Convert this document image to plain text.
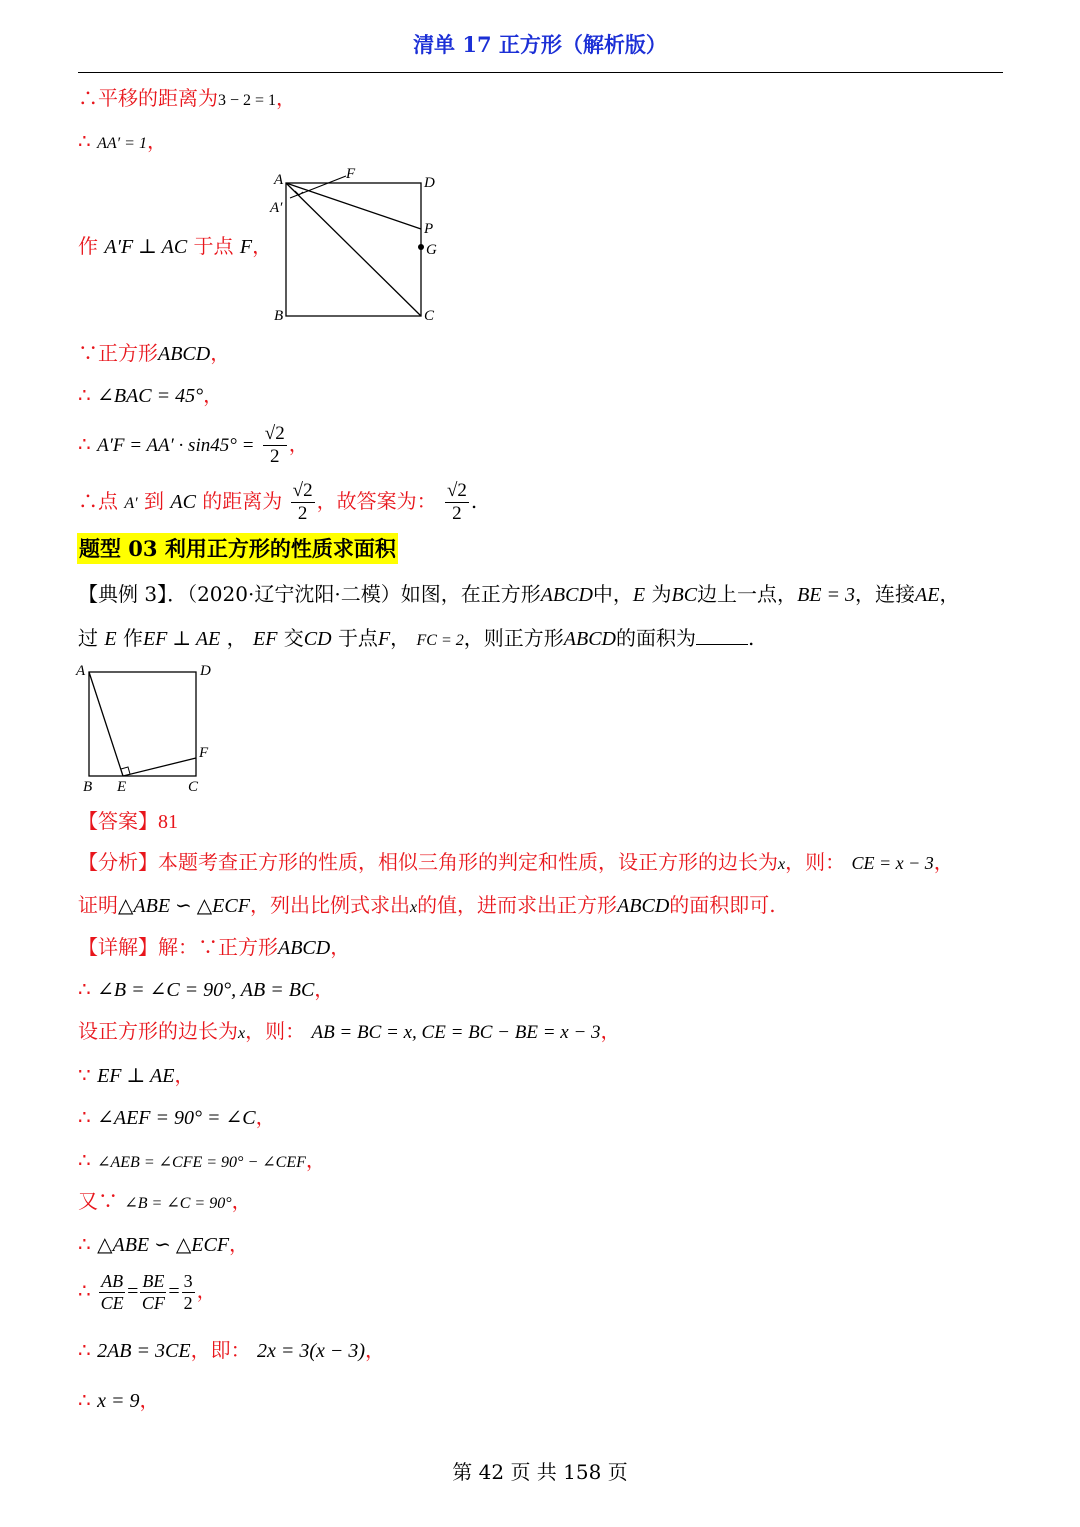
清单 17 正方形（解析版）
∴平移的距离为3 − 2 = 1，
∴ AA′ = 1，
作 A′F ⊥ AC 于点 F，
A	F
D
A′
P
G
B	C
∵正方形ABCD，
∴ ∠BAC = 45°，
∴ $A'F = AA' \cdot \sin 45^\circ = \frac{√2}{2}$ ，
∴点 A′ 到 AC 的距离为 $\frac{√2}{2}$ ，故答案为： $\frac{√2}{2}$ .
题型 03 利用正方形的性质求面积
【典例 3】．（2020·辽宁沈阳·二模）如图，在正方形ABCD中，E 为BC边上一点，BE = 3，连接AE，
过 E 作EF ⊥ AE ， EF 交CD 于点F， FC = 2，则正方形ABCD的面积为	.
A	D
F
B E	C
【答案】81
【分析】本题考查正方形的性质，相似三角形的判定和性质，设正方形的边长为x，则： CE = x − 3，
证明△ABE ∽ △ECF，列出比例式求出x的值，进而求出正方形ABCD的面积即可.
【详解】解：∵正方形ABCD，
∴ ∠B = ∠C = 90°, AB = BC，
设正方形的边长为x，则： AB = BC = x, CE = BC − BE = x − 3，
∵ EF ⊥ AE，
∴ ∠AEF = 90° = ∠C，
∴ ∠AEB = ∠CFE = 90° − ∠CEF，
又∵ ∠B = ∠C = 90°，
∴ △ABE ∽ △ECF，
∴ $\frac{AB}{CE} = \frac{BE}{CF} = \frac{3}{2}$ ，
∴ 2AB = 3CE，即： 2x = 3(x − 3)，
∴ x = 9，
第 42 页 共 158 页
